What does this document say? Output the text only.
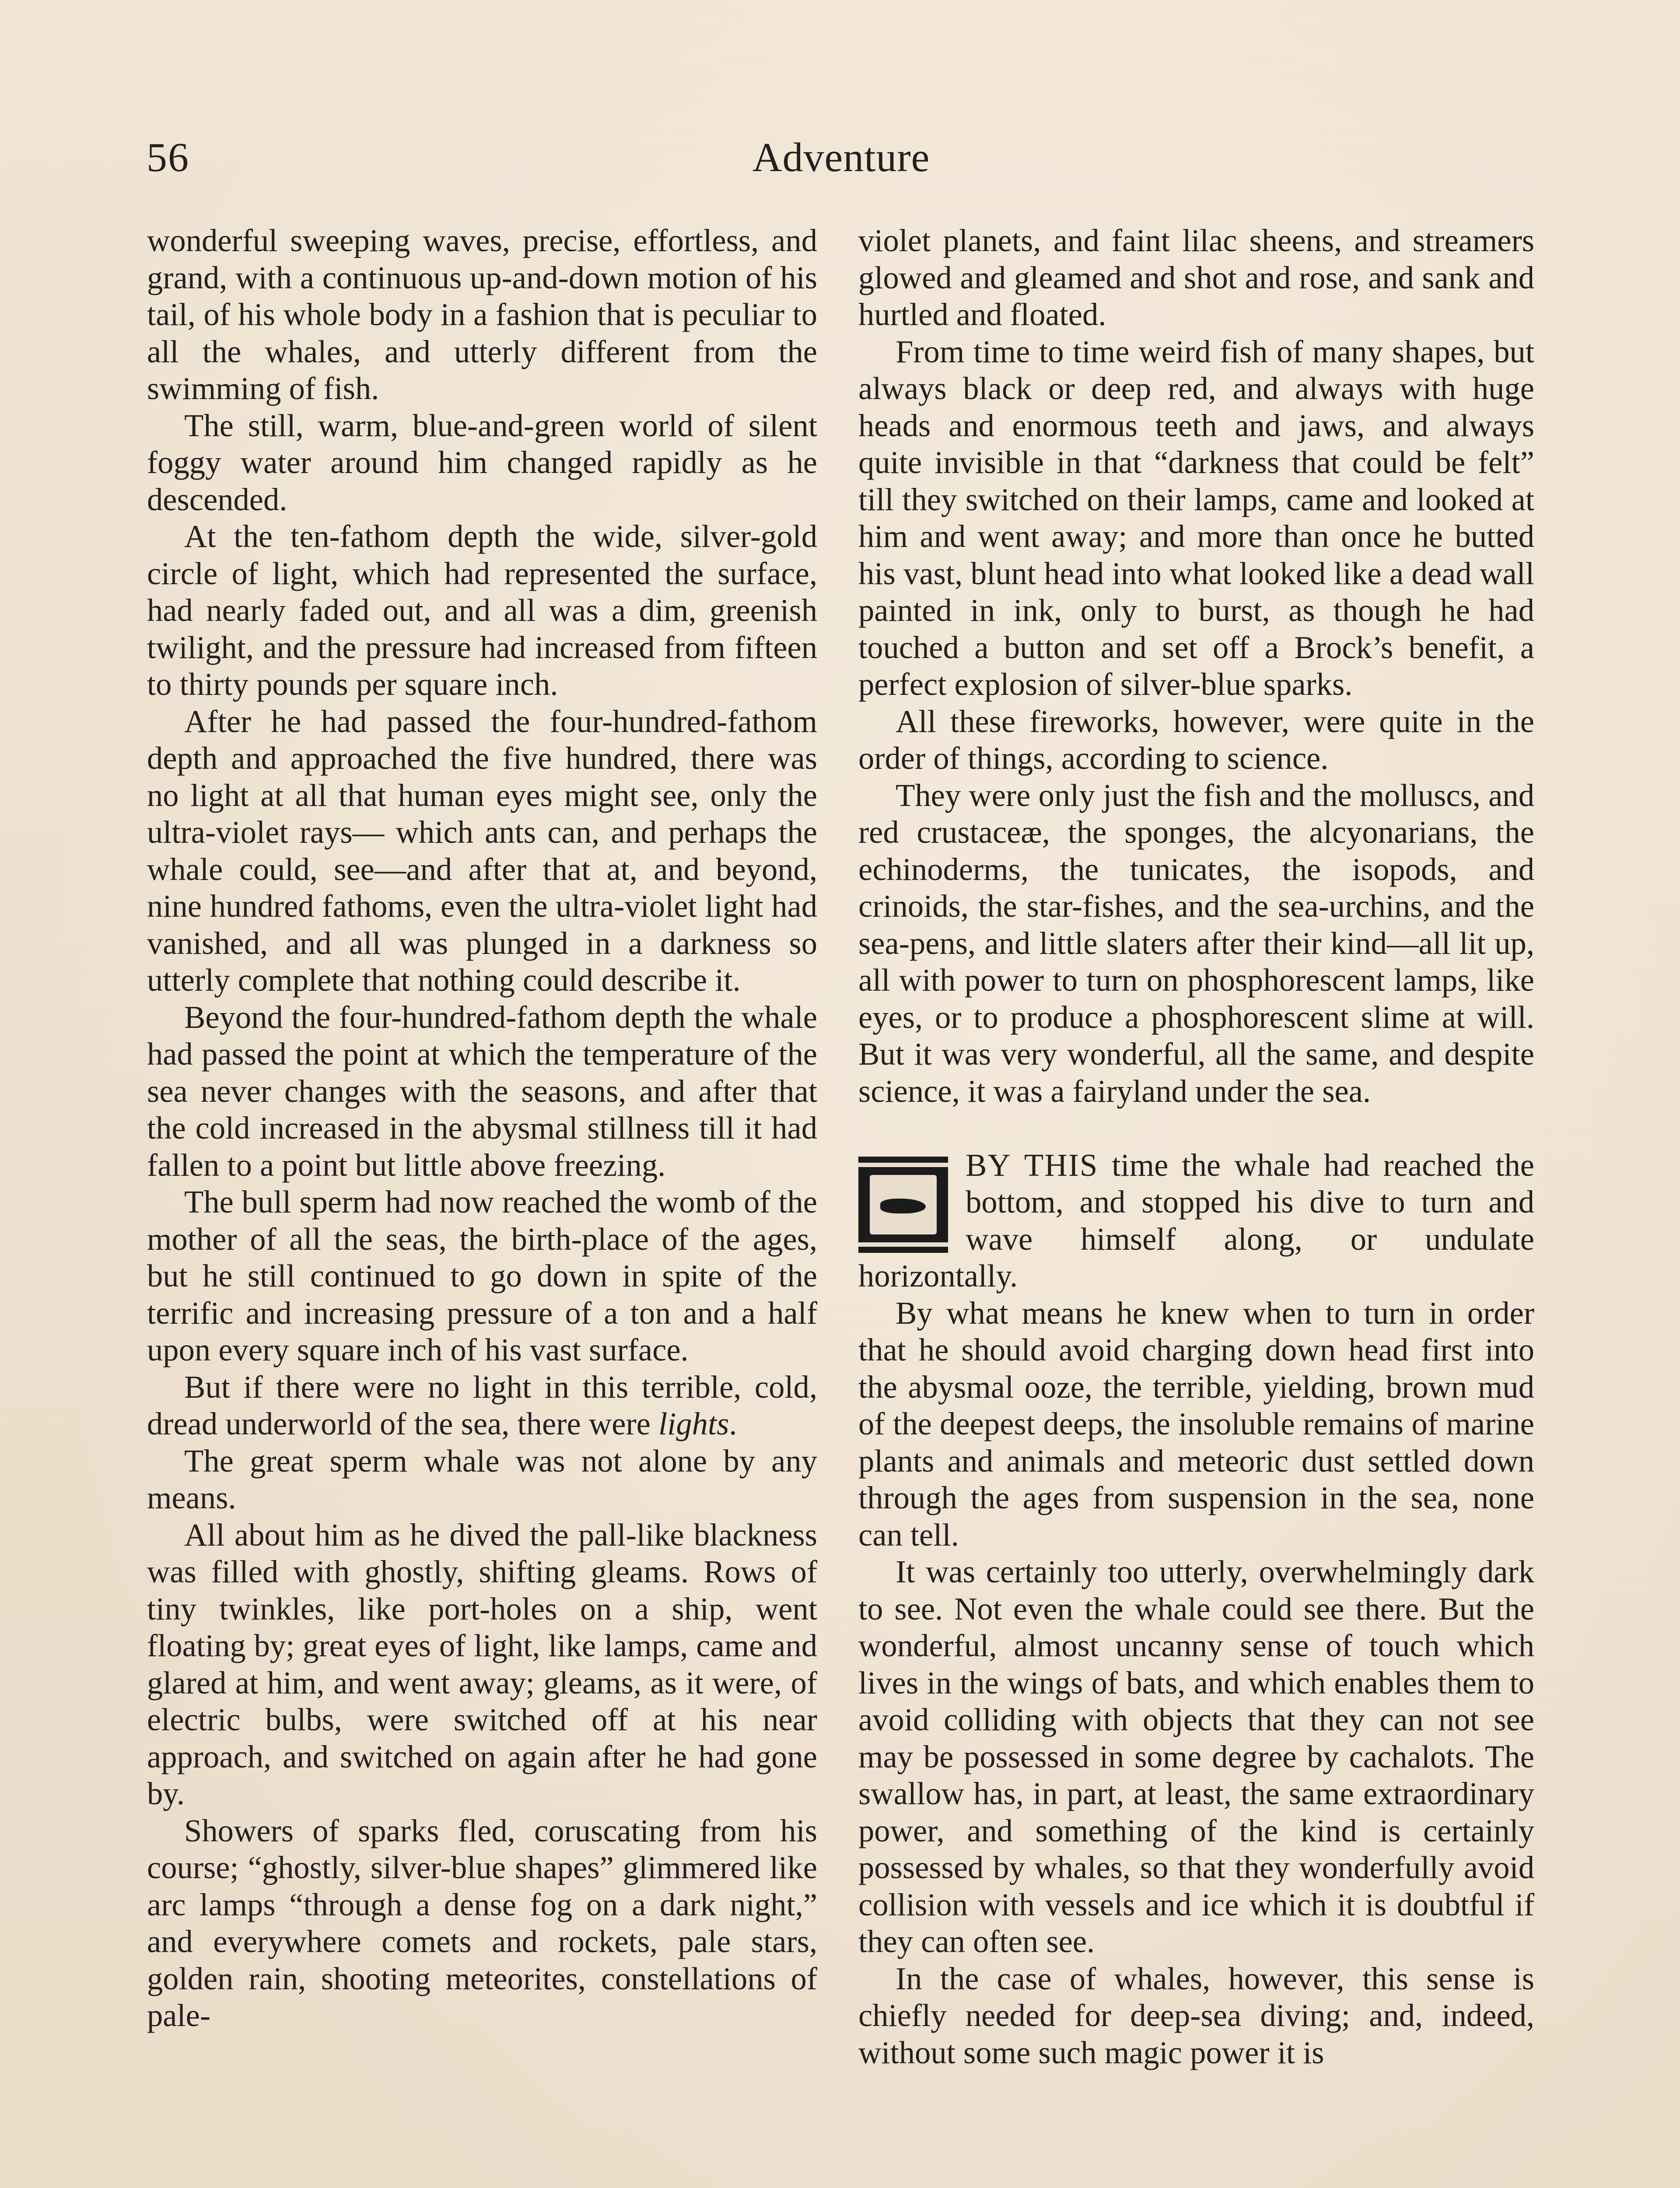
56	Adventure

wonderful sweeping waves, precise, effortless, and grand, with a continuous up-and-down motion of his tail, of his whole body in a fashion that is peculiar to all the whales, and utterly different from the swimming of fish.

The still, warm, blue-and-green world of silent foggy water around him changed rapidly as he descended.

At the ten-fathom depth the wide, silver-gold circle of light, which had represented the surface, had nearly faded out, and all was a dim, greenish twilight, and the pressure had increased from fifteen to thirty pounds per square inch.

After he had passed the four-hundred-fathom depth and approached the five hundred, there was no light at all that human eyes might see, only the ultra-violet rays— which ants can, and perhaps the whale could, see—and after that at, and beyond, nine hundred fathoms, even the ultra-violet light had vanished, and all was plunged in a darkness so utterly complete that nothing could describe it.

Beyond the four-hundred-fathom depth the whale had passed the point at which the temperature of the sea never changes with the seasons, and after that the cold increased in the abysmal stillness till it had fallen to a point but little above freezing.

The bull sperm had now reached the womb of the mother of all the seas, the birth-place of the ages, but he still continued to go down in spite of the terrific and increasing pressure of a ton and a half upon every square inch of his vast surface.

But if there were no light in this terrible, cold, dread underworld of the sea, there were lights.

The great sperm whale was not alone by any means.

All about him as he dived the pall-like blackness was filled with ghostly, shifting gleams. Rows of tiny twinkles, like port-holes on a ship, went floating by; great eyes of light, like lamps, came and glared at him, and went away; gleams, as it were, of electric bulbs, were switched off at his near approach, and switched on again after he had gone by.

Showers of sparks fled, coruscating from his course; “ghostly, silver-blue shapes” glimmered like arc lamps “through a dense fog on a dark night,” and everywhere comets and rockets, pale stars, golden rain, shooting meteorites, constellations of pale-

violet planets, and faint lilac sheens, and streamers glowed and gleamed and shot and rose, and sank and hurtled and floated.

From time to time weird fish of many shapes, but always black or deep red, and always with huge heads and enormous teeth and jaws, and always quite invisible in that “darkness that could be felt” till they switched on their lamps, came and looked at him and went away; and more than once he butted his vast, blunt head into what looked like a dead wall painted in ink, only to burst, as though he had touched a button and set off a Brock’s benefit, a perfect explosion of silver-blue sparks.

All these fireworks, however, were quite in the order of things, according to science.

They were only just the fish and the molluscs, and red crustaceæ, the sponges, the alcyonarians, the echinoderms, the tunicates, the isopods, and crinoids, the star-fishes, and the sea-urchins, and the sea-pens, and little slaters after their kind—all lit up, all with power to turn on phosphorescent lamps, like eyes, or to produce a phosphorescent slime at will. But it was very wonderful, all the same, and despite science, it was a fairyland under the sea.

BY THIS time the whale had reached the bottom, and stopped his dive to turn and wave himself along, or undulate horizontally.

By what means he knew when to turn in order that he should avoid charging down head first into the abysmal ooze, the terrible, yielding, brown mud of the deepest deeps, the insoluble remains of marine plants and animals and meteoric dust settled down through the ages from suspension in the sea, none can tell.

It was certainly too utterly, overwhelmingly dark to see. Not even the whale could see there. But the wonderful, almost uncanny sense of touch which lives in the wings of bats, and which enables them to avoid colliding with objects that they can not see may be possessed in some degree by cachalots. The swallow has, in part, at least, the same extraordinary power, and something of the kind is certainly possessed by whales, so that they wonderfully avoid collision with vessels and ice which it is doubtful if they can often see.

In the case of whales, however, this sense is chiefly needed for deep-sea diving; and, indeed, without some such magic power it is
